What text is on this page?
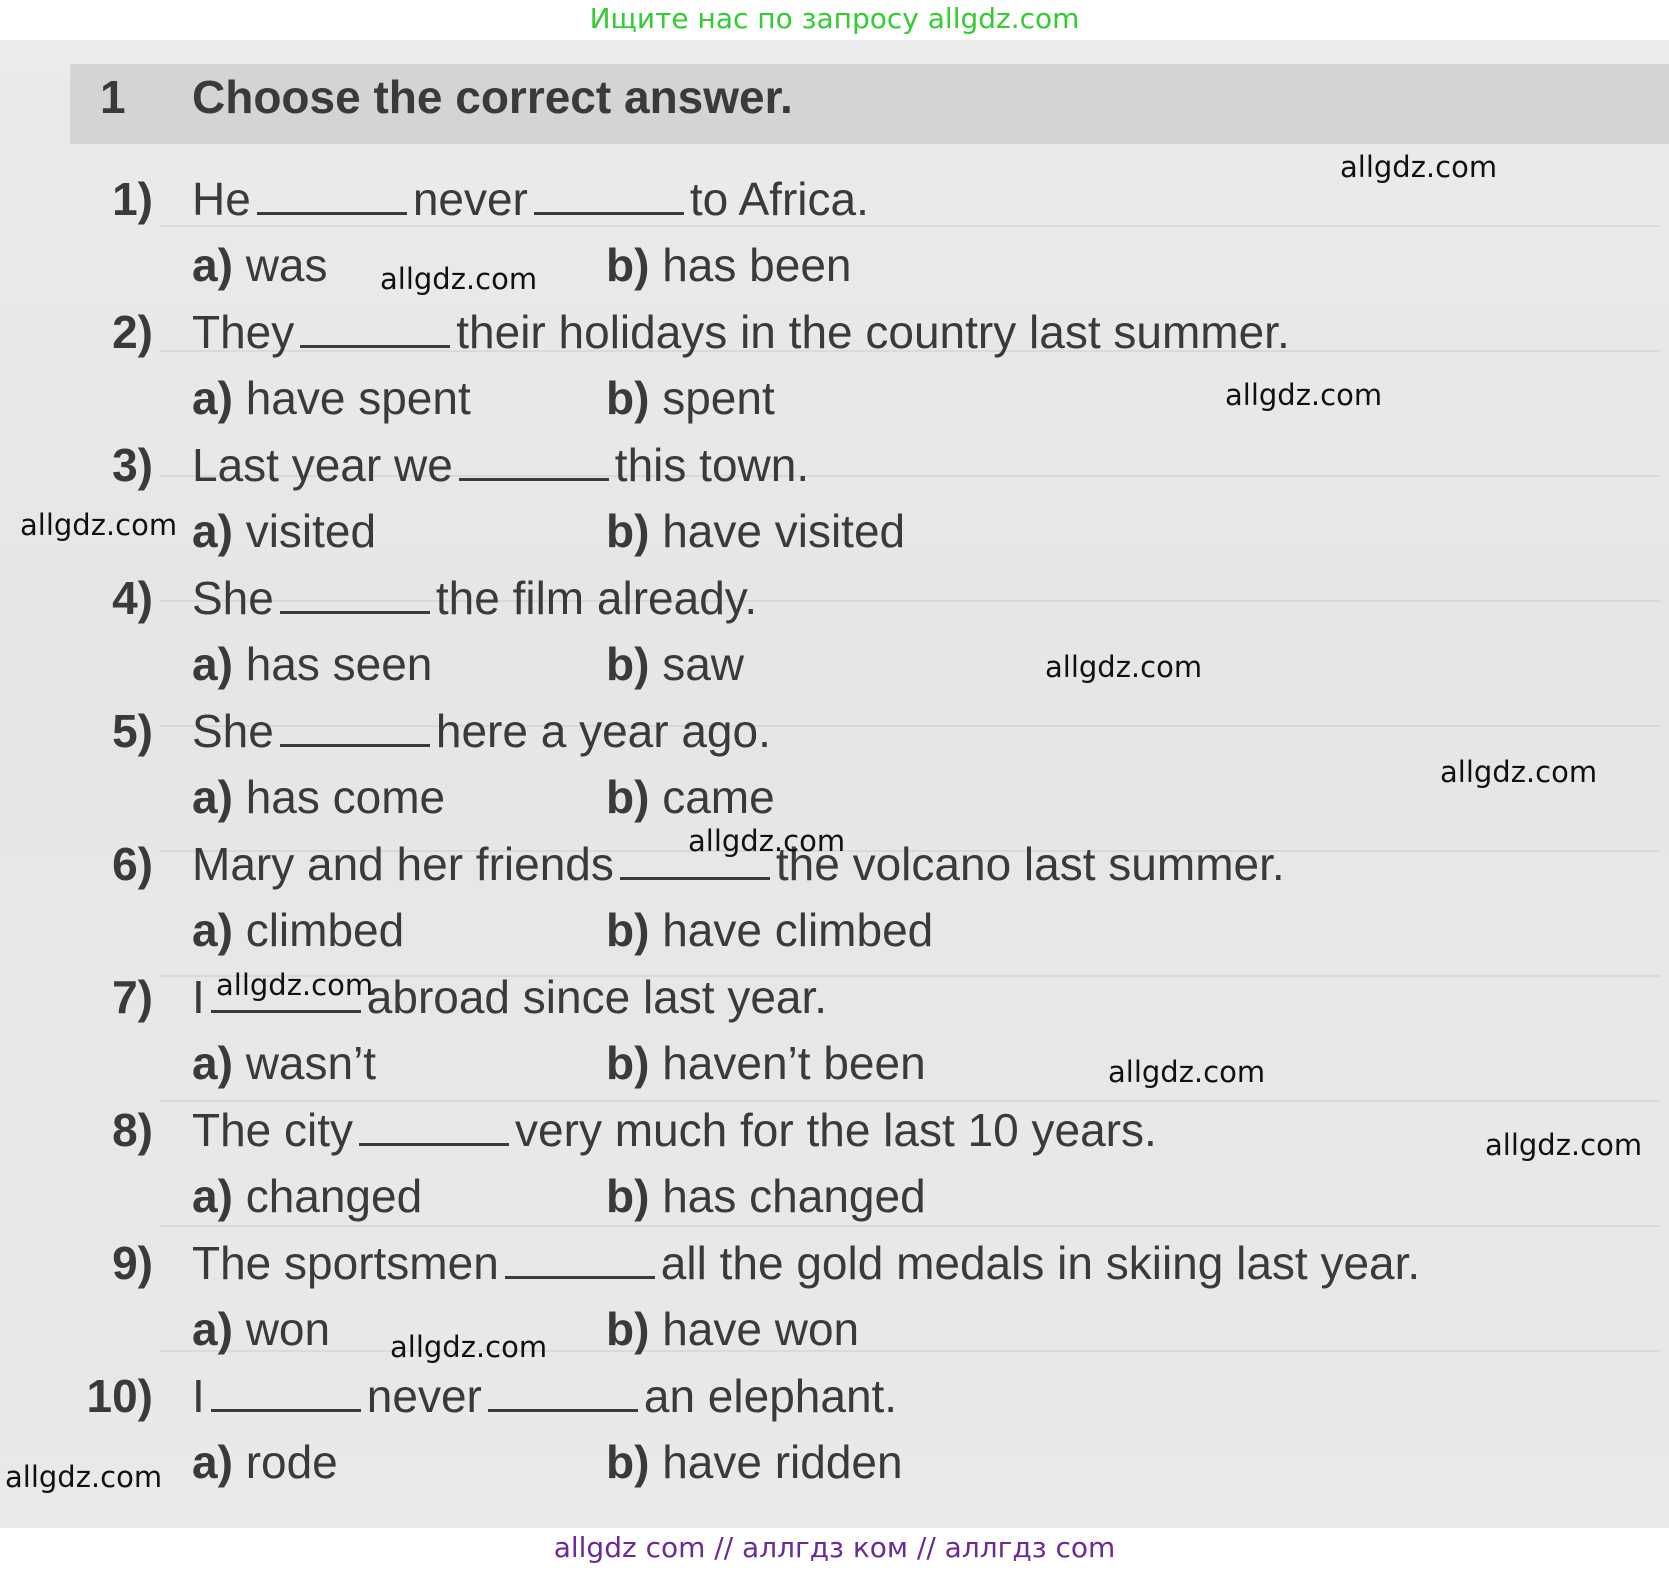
Ищите нас по запросу allgdz.com
1 Choose the correct answer.
1) He	never	to Africa.
a) was	b) has been
2) They	their holidays in the country last summer.
a) have spent	b) spent
3) Last year we	this town.
a) visited	b) have visited
4) She	the film already.
a) has seen	b) saw
5) She	here a year ago.
a) has come	b) came
6) Mary and her friends	the volcano last summer.
a) climbed	b) have climbed
7) I	abroad since last year.
a) wasn’t	b) haven’t been
8) The city	very much for the last 10 years.
a) changed	b) has changed
9) The sportsmen	all the gold medals in skiing last year.
a) won	b) have won
10) I	never	an elephant.
a) rode	b) have ridden
allgdz.com
allgdz.com
allgdz.com
allgdz.com
allgdz.com
allgdz.com
allgdz.com
allgdz.com
allgdz.com
allgdz.com
allgdz.com
allgdz.com
allgdz com // аллгдз ком // аллгдз com
